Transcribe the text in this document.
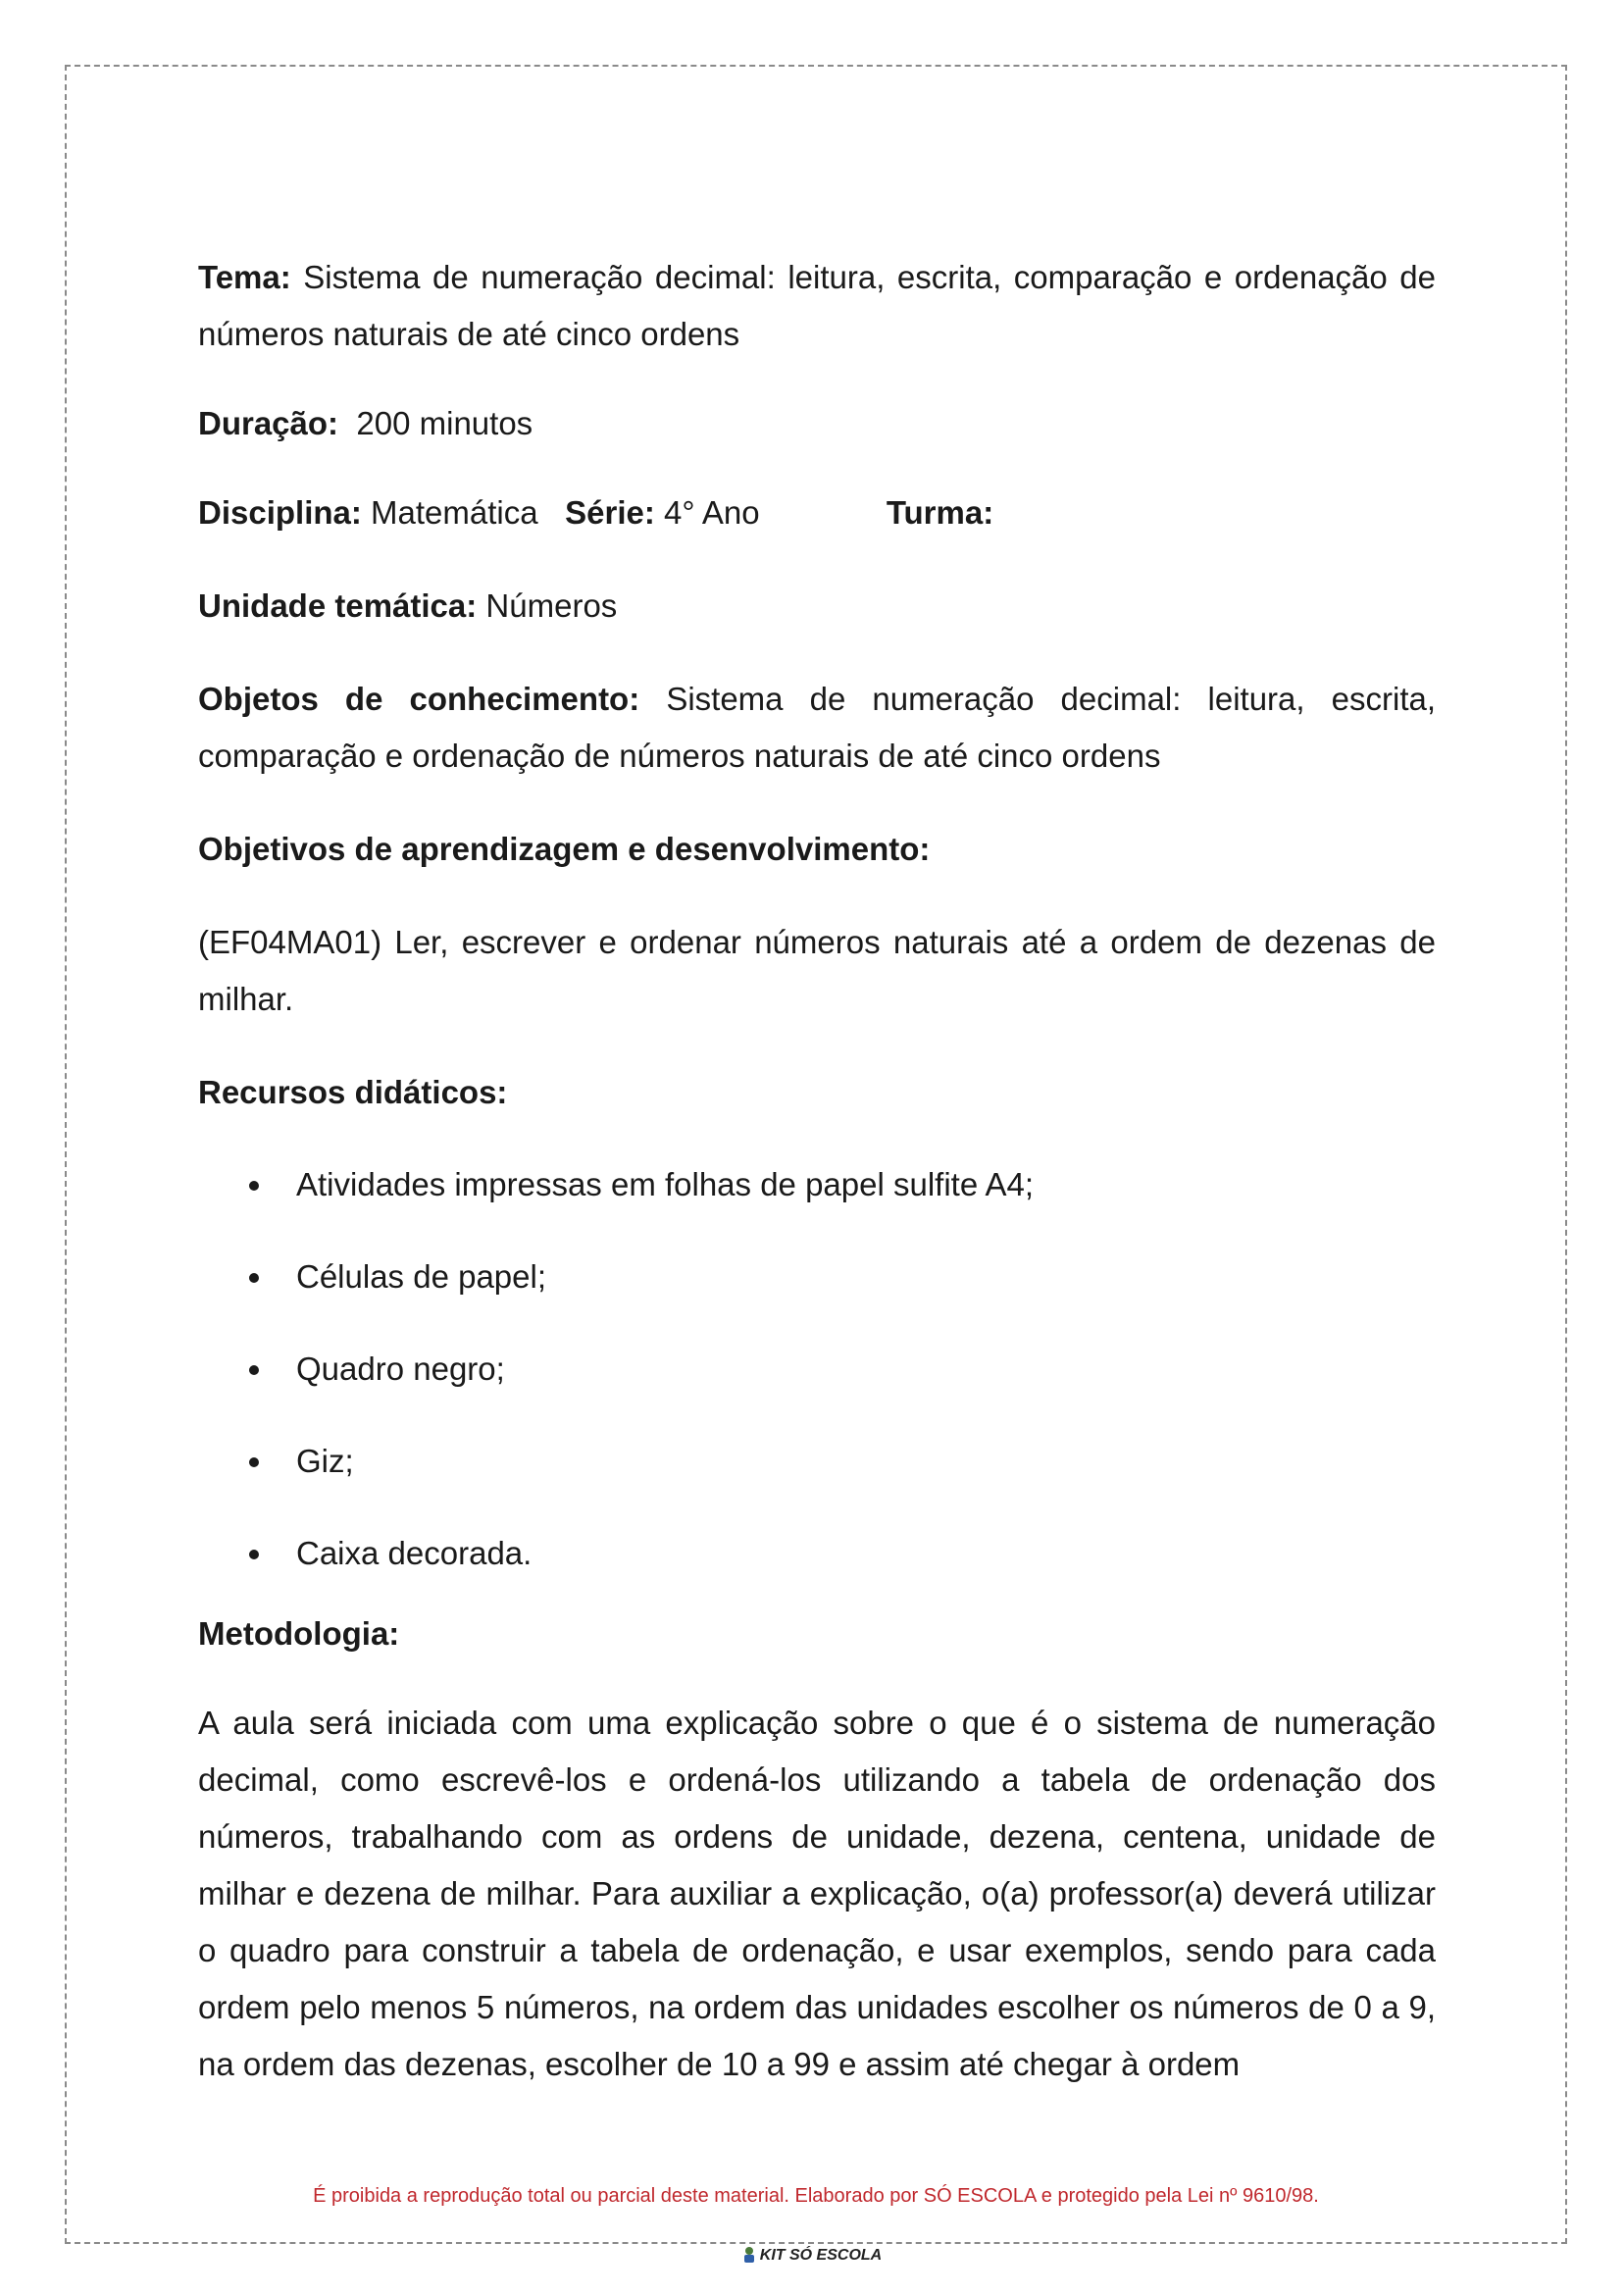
Tema: Sistema de numeração decimal: leitura, escrita, comparação e ordenação de números naturais de até cinco ordens

Duração: 200 minutos

Disciplina: Matemática Série: 4° Ano	Turma:

Unidade temática: Números

Objetos de conhecimento: Sistema de numeração decimal: leitura, escrita, comparação e ordenação de números naturais de até cinco ordens

Objetivos de aprendizagem e desenvolvimento:

(EF04MA01) Ler, escrever e ordenar números naturais até a ordem de dezenas de milhar.

Recursos didáticos:

Atividades impressas em folhas de papel sulfite A4;
Células de papel;
Quadro negro;
Giz;
Caixa decorada.

Metodologia:

A aula será iniciada com uma explicação sobre o que é o sistema de numeração decimal, como escrevê-los e ordená-los utilizando a tabela de ordenação dos números, trabalhando com as ordens de unidade, dezena, centena, unidade de milhar e dezena de milhar. Para auxiliar a explicação, o(a) professor(a) deverá utilizar o quadro para construir a tabela de ordenação, e usar exemplos, sendo para cada ordem pelo menos 5 números, na ordem das unidades escolher os números de 0 a 9, na ordem das dezenas, escolher de 10 a 99 e assim até chegar à ordem

É proibida a reprodução total ou parcial deste material. Elaborado por SÓ ESCOLA e protegido pela Lei nº 9610/98.
KIT SÓ ESCOLA
